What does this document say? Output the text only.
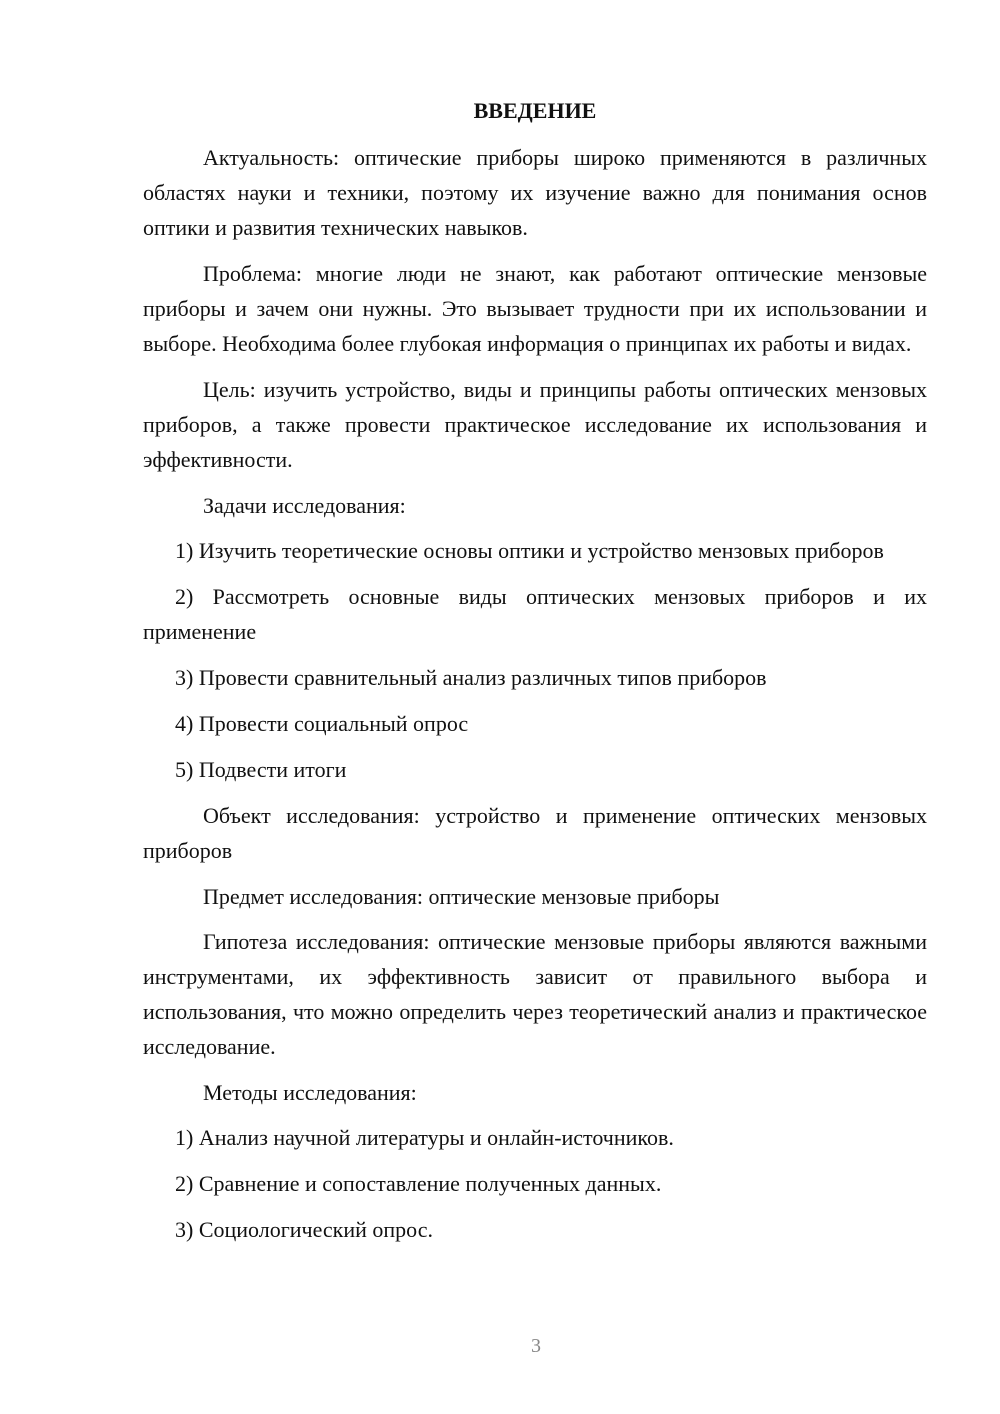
ВВЕДЕНИЕ

Актуальность: оптические приборы широко применяются в различных областях науки и техники, поэтому их изучение важно для понимания основ оптики и развития технических навыков.

Проблема: многие люди не знают, как работают оптические мензовые приборы и зачем они нужны. Это вызывает трудности при их использовании и выборе. Необходима более глубокая информация о принципах их работы и видах.

Цель: изучить устройство, виды и принципы работы оптических мензовых приборов, а также провести практическое исследование их использования и эффективности.

Задачи исследования:

1) Изучить теоретические основы оптики и устройство мензовых приборов

2) Рассмотреть основные виды оптических мензовых приборов и их применение

3) Провести сравнительный анализ различных типов приборов

4) Провести социальный опрос

5) Подвести итоги

Объект исследования: устройство и применение оптических мензовых приборов

Предмет исследования: оптические мензовые приборы

Гипотеза исследования: оптические мензовые приборы являются важными инструментами, их эффективность зависит от правильного выбора и использования, что можно определить через теоретический анализ и практическое исследование.

Методы исследования:

1) Анализ научной литературы и онлайн-источников.

2) Сравнение и сопоставление полученных данных.

3) Социологический опрос.

3
